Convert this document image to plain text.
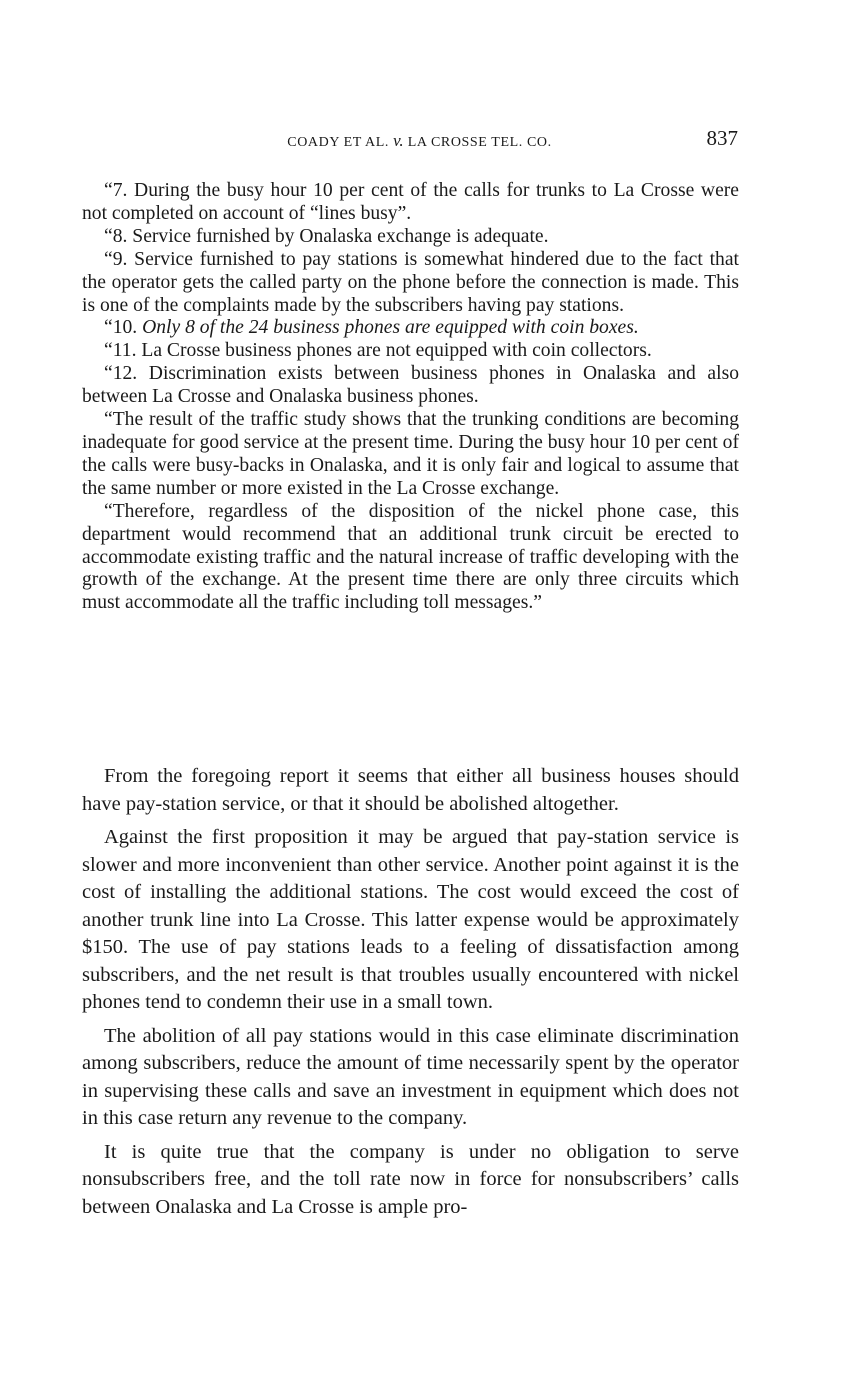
COADY ET AL. v. LA CROSSE TEL. CO.	837

“7. During the busy hour 10 per cent of the calls for trunks to La Crosse were not completed on account of “lines busy”.

“8. Service furnished by Onalaska exchange is adequate.

“9. Service furnished to pay stations is somewhat hindered due to the fact that the operator gets the called party on the phone before the connection is made. This is one of the complaints made by the subscribers having pay stations.

“10. Only 8 of the 24 business phones are equipped with coin boxes.

“11. La Crosse business phones are not equipped with coin collectors.

“12. Discrimination exists between business phones in Onalaska and also between La Crosse and Onalaska business phones.

“The result of the traffic study shows that the trunking conditions are becoming inadequate for good service at the present time. During the busy hour 10 per cent of the calls were busy-backs in Onalaska, and it is only fair and logical to assume that the same number or more existed in the La Crosse exchange.

“Therefore, regardless of the disposition of the nickel phone case, this department would recommend that an additional trunk circuit be erected to accommodate existing traffic and the natural increase of traffic developing with the growth of the exchange. At the present time there are only three circuits which must accommodate all the traffic including toll messages.”

From the foregoing report it seems that either all business houses should have pay-station service, or that it should be abolished altogether.

Against the first proposition it may be argued that pay-station service is slower and more inconvenient than other service. Another point against it is the cost of installing the additional stations. The cost would exceed the cost of another trunk line into La Crosse. This latter expense would be approximately $150. The use of pay stations leads to a feeling of dissatisfaction among subscribers, and the net result is that troubles usually encountered with nickel phones tend to condemn their use in a small town.

The abolition of all pay stations would in this case eliminate discrimination among subscribers, reduce the amount of time necessarily spent by the operator in supervising these calls and save an investment in equipment which does not in this case return any revenue to the company.

It is quite true that the company is under no obligation to serve nonsubscribers free, and the toll rate now in force for nonsubscribers’ calls between Onalaska and La Crosse is ample pro-
